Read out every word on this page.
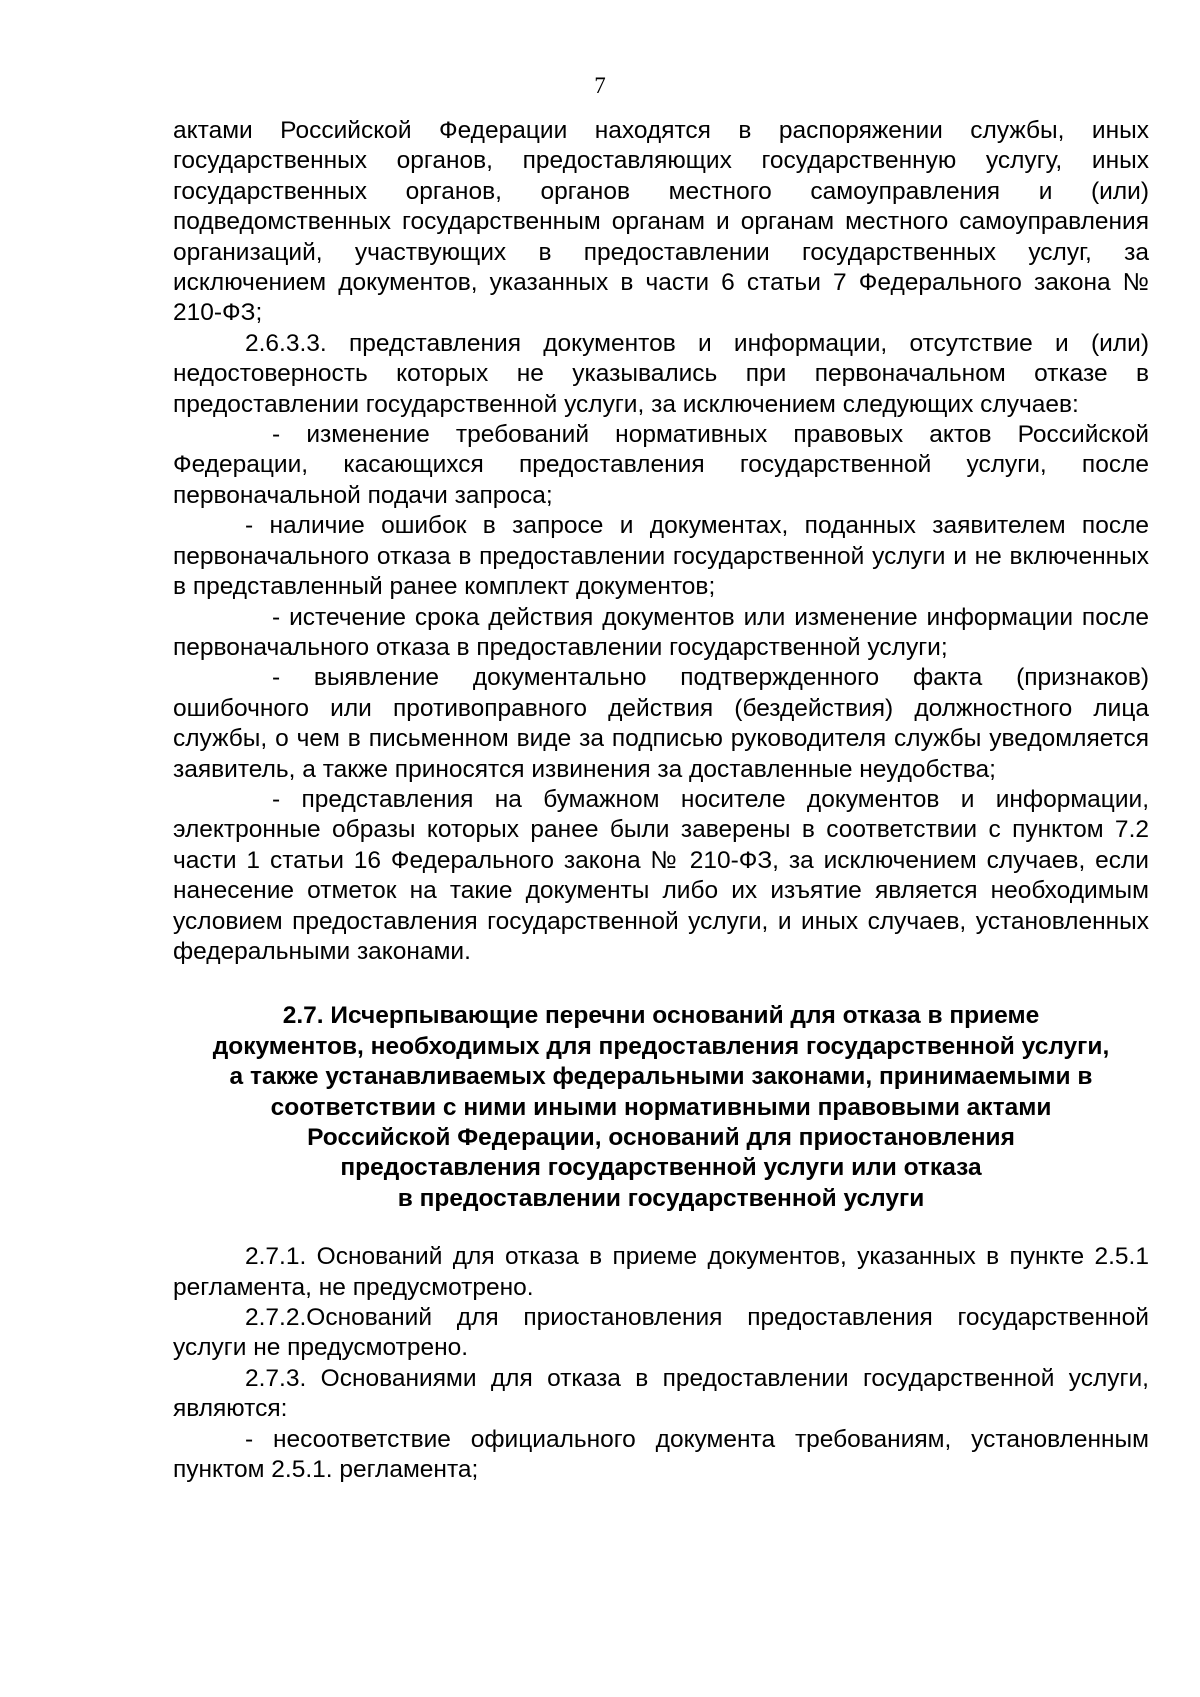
7

актами Российской Федерации находятся в распоряжении службы, иных государственных органов, предоставляющих государственную услугу, иных государственных органов, органов местного самоуправления и (или) подведомственных государственным органам и органам местного самоуправления организаций, участвующих в предоставлении государственных услуг, за исключением документов, указанных в части 6 статьи 7 Федерального закона № 210-ФЗ;

2.6.3.3. представления документов и информации, отсутствие и (или) недостоверность которых не указывались при первоначальном отказе в предоставлении государственной услуги, за исключением следующих случаев:

- изменение требований нормативных правовых актов Российской Федерации, касающихся предоставления государственной услуги, после первоначальной подачи запроса;

- наличие ошибок в запросе и документах, поданных заявителем после первоначального отказа в предоставлении государственной услуги и не включенных в представленный ранее комплект документов;

- истечение срока действия документов или изменение информации после первоначального отказа в предоставлении государственной услуги;

- выявление документально подтвержденного факта (признаков) ошибочного или противоправного действия (бездействия) должностного лица службы, о чем в письменном виде за подписью руководителя службы уведомляется заявитель, а также приносятся извинения за доставленные неудобства;

- представления на бумажном носителе документов и информации, электронные образы которых ранее были заверены в соответствии с пунктом 7.2 части 1 статьи 16 Федерального закона № 210-ФЗ, за исключением случаев, если нанесение отметок на такие документы либо их изъятие является необходимым условием предоставления государственной услуги, и иных случаев, установленных федеральными законами.

2.7. Исчерпывающие перечни оснований для отказа в приеме
документов, необходимых для предоставления государственной услуги,
а также устанавливаемых федеральными законами, принимаемыми в
соответствии с ними иными нормативными правовыми актами
Российской Федерации, оснований для приостановления
предоставления государственной услуги или отказа
в предоставлении государственной услуги

2.7.1. Оснований для отказа в приеме документов, указанных в пункте 2.5.1 регламента, не предусмотрено.

2.7.2.Оснований для приостановления предоставления государственной услуги не предусмотрено.

2.7.3. Основаниями для отказа в предоставлении государственной услуги, являются:

- несоответствие официального документа требованиям, установленным пунктом 2.5.1. регламента;
